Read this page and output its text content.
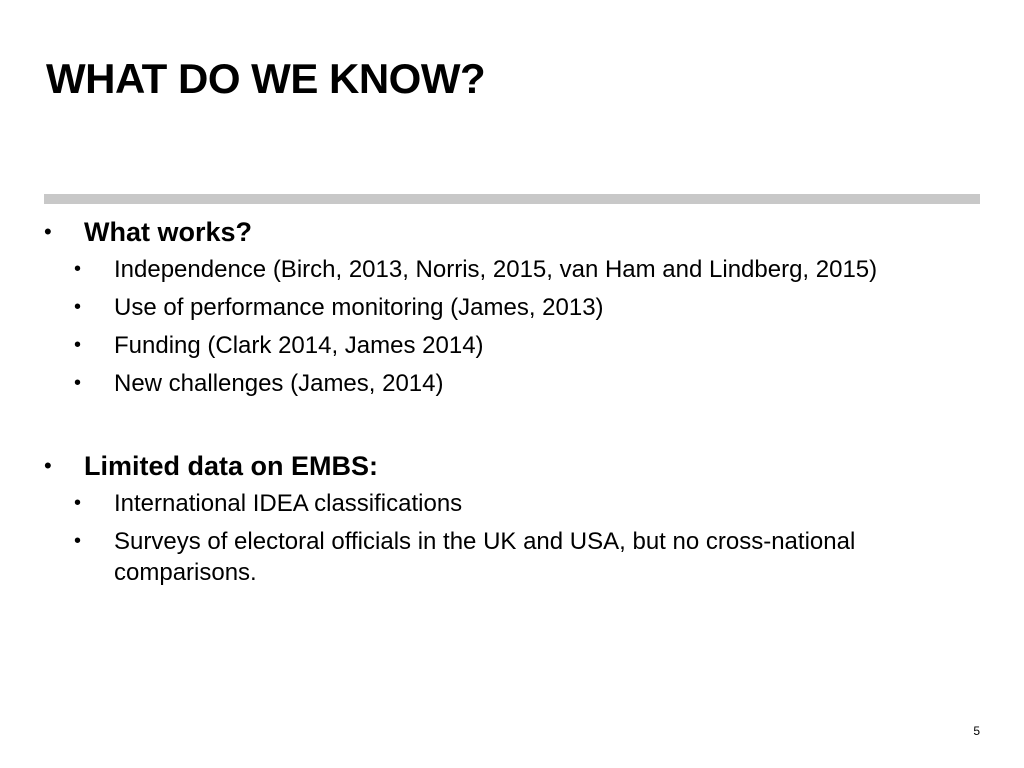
WHAT DO WE KNOW?
• What works?
• Independence (Birch, 2013, Norris, 2015, van Ham and Lindberg, 2015)
• Use of performance monitoring (James, 2013)
• Funding (Clark 2014, James 2014)
• New challenges (James, 2014)
• Limited data on EMBS:
• International IDEA classifications
• Surveys of electoral officials in the UK and USA, but no cross-national comparisons.
5
